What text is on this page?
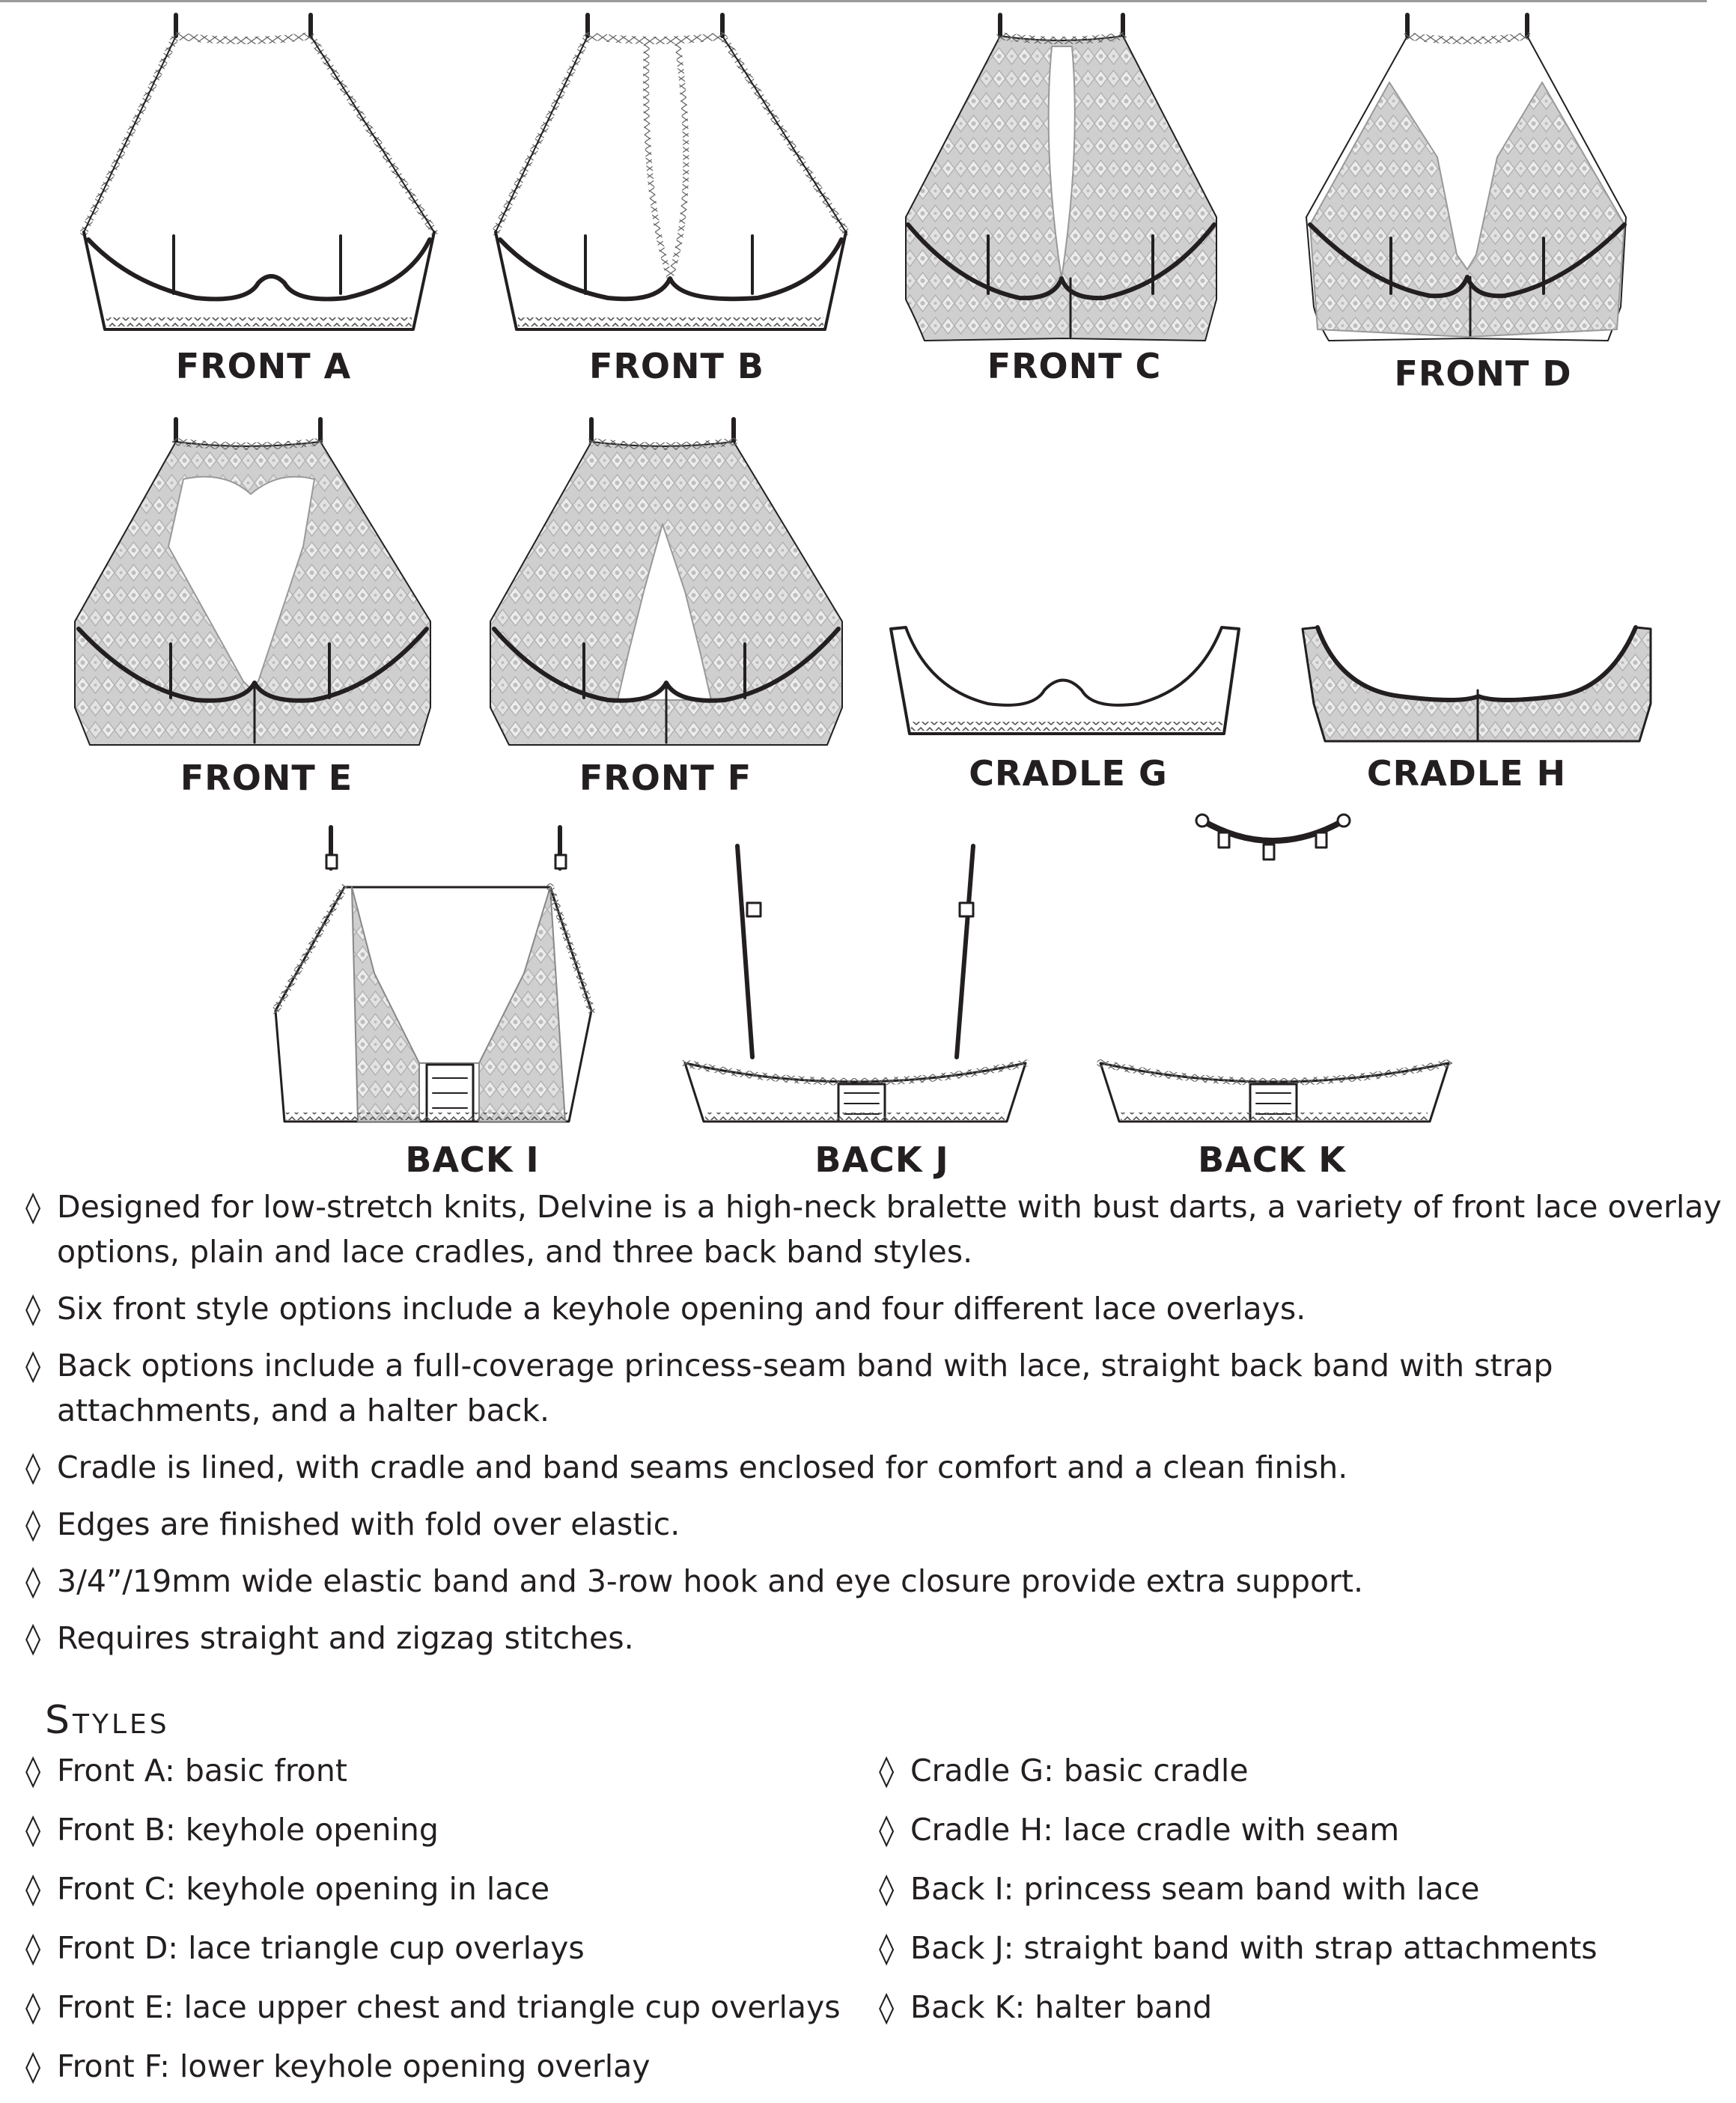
FRONT A	FRONT B	FRONT C	FRONT D
FRONT E	FRONT F	CRADLE G	CRADLE H
BACK I	BACK J	BACK K
◊ Designed for low-stretch knits, Delvine is a high-neck bralette with bust darts, a variety of front lace overlay options, plain and lace cradles, and three back band styles.
◊ Six front style options include a keyhole opening and four different lace overlays.
◊ Back options include a full-coverage princess-seam band with lace, straight back band with strap attachments, and a halter back.
◊ Cradle is lined, with cradle and band seams enclosed for comfort and a clean finish.
◊ Edges are finished with fold over elastic.
◊ 3/4”/19mm wide elastic band and 3-row hook and eye closure provide extra support.
◊ Requires straight and zigzag stitches.
Styles
◊ Front A: basic front
◊ Front B: keyhole opening
◊ Front C: keyhole opening in lace
◊ Front D: lace triangle cup overlays
◊ Front E: lace upper chest and triangle cup overlays
◊ Front F: lower keyhole opening overlay
◊ Cradle G: basic cradle
◊ Cradle H: lace cradle with seam
◊ Back I: princess seam band with lace
◊ Back J: straight band with strap attachments
◊ Back K: halter band
